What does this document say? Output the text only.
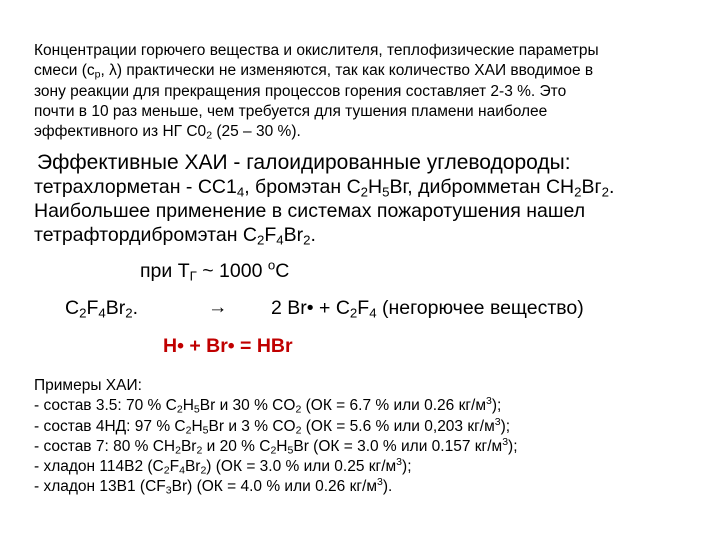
Концентрации горючего вещества и окислителя, теплофизические параметры
смеси ($c_p$, λ) практически не изменяются, так как количество ХАИ вводимое в
зону реакции для прекращения процессов горения составляет 2-3 %. Это
почти в 10 раз меньше, чем требуется для тушения пламени наиболее
эффективного из НГ $С0_2$ (25 – 30 %).
Эффективные ХАИ - галоидированные углеводороды:
тетрахлорметан - $СС1_4$, бромэтан $С_2Н_5Вг$, дибромметан $СН_2Вг_2$.
Наибольшее применение в системах пожаротушения нашел
тетрафтордибромэтан $С_2F_4Br_2$.
при $Т_Г$ ~ 1000 $^о$С
$C_2F_4Br_2$.	→ 2 Br• + $C_2F_4$ (негорючее вещество)
H• + Br• = HBr
Примеры ХАИ:
- состав 3.5: 70 % $С_2Н_5Br$ и 30 % $CO_2$ (ОК = 6.7 % или 0.26 $кг/м^3$);
- состав 4НД: 97 % $С_2Н_5Br$ и 3 % $CO_2$ (ОК = 5.6 % или 0,203 $кг/м^3$);
- состав 7: 80 % $CH_2Br_2$ и 20 % $С_2Н_5Br$ (ОК = 3.0 % или 0.157 $кг/м^3$);
- хладон 114В2 $(C_2F_4Br_2) (ОК = 3.0$ % или 0.25 $кг/м^3$);
- хладон 13В1 $(CF_3Br) (ОК = 4.0$ % или 0.26 $кг/м^3$).
